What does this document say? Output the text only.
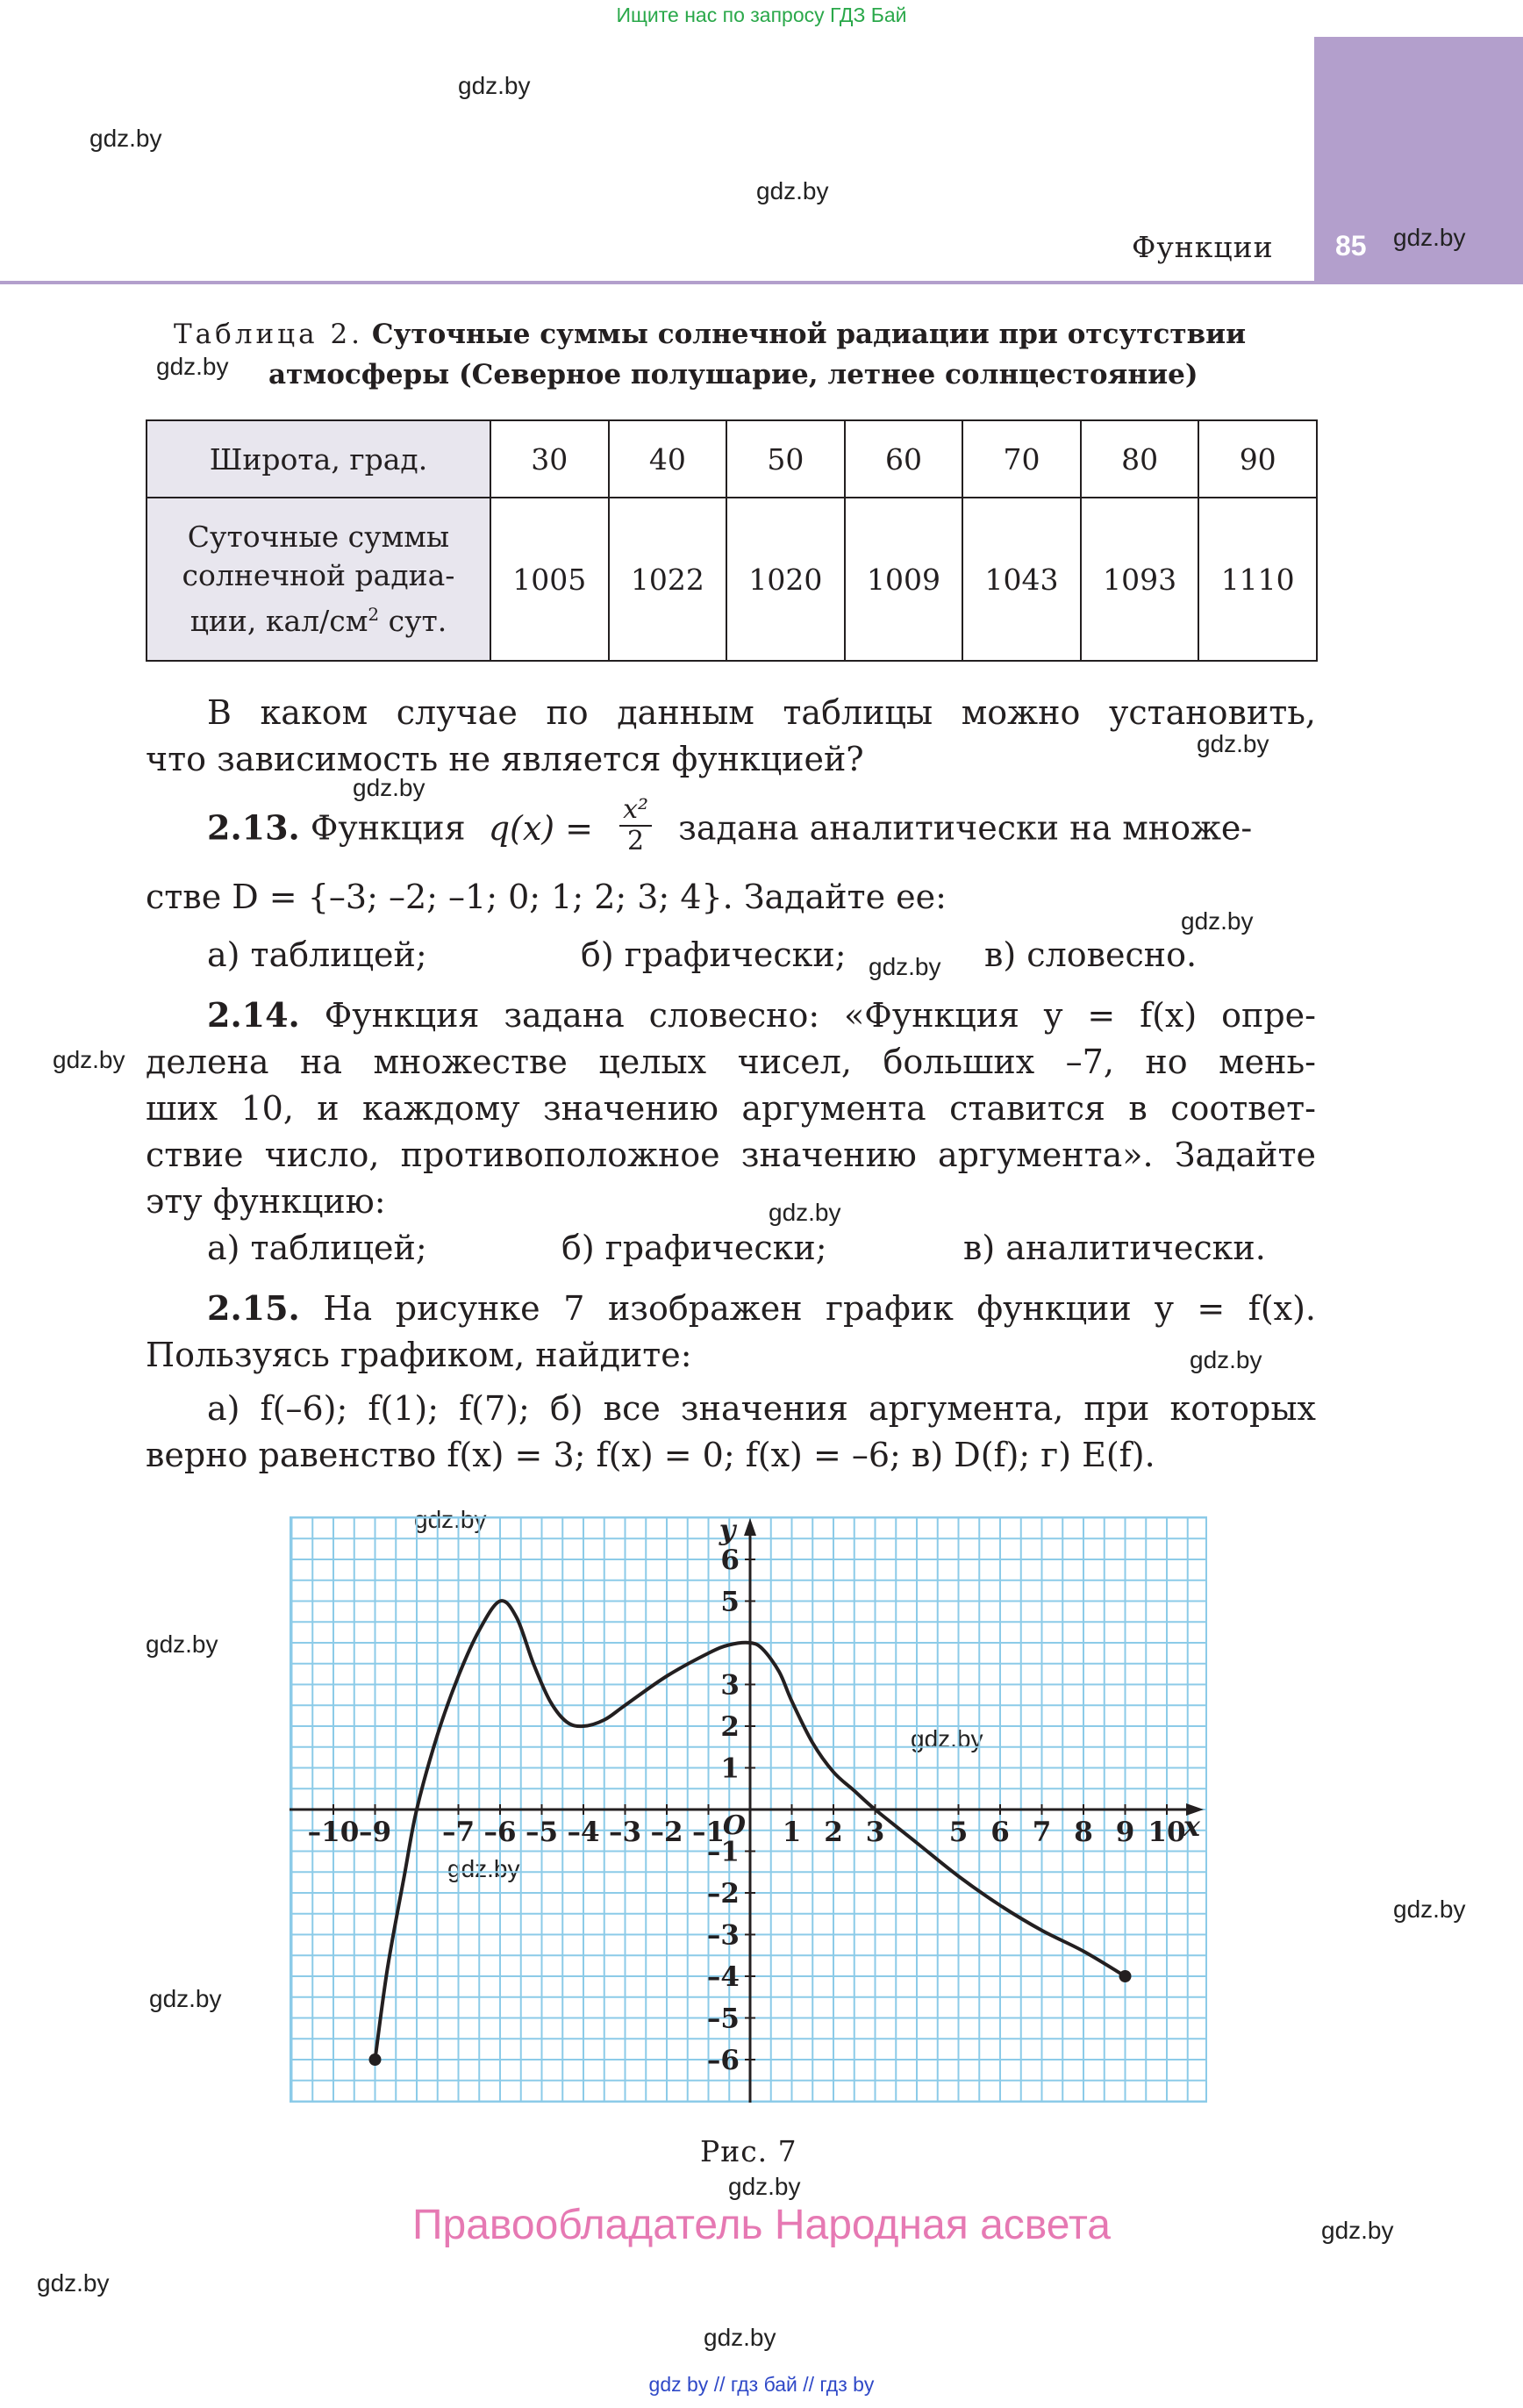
Ищите нас по запросу ГДЗ Бай
85
Функции
gdz.by
gdz.by
gdz.by
gdz.by
gdz.by
gdz.by
gdz.by
gdz.by
gdz.by
gdz.by
gdz.by
gdz.by
gdz.by
gdz.by
gdz.by
gdz.by
gdz.by
gdz.by
gdz.by
gdz.by
gdz.by
gdz.by
Таблица 2. Суточные суммы солнечной радиации при отсутствии
атмосферы (Северное полушарие, летнее солнцестояние)
Широта, град.	30	40	50	60	70	80	90
Суточные суммы
солнечной радиа-
ции, кал/$см^2$ сут.	1005	1022	1020	1009	1043	1093	1110
В каком случае по данным таблицы можно установить,
что зависимость не является функцией?
2.13. Функция $q(x) = \frac{\text{x²}}{2}$ задана аналитически на множе-
стве D = {–3; –2; –1; 0; 1; 2; 3; 4}. Задайте ее:
а) таблицей;	б) графически;	в) словесно.
2.14. Функция задана словесно: «Функция y = f(x) опре-
делена на множестве целых чисел, больших –7, но мень-
ших 10, и каждому значению аргумента ставится в соответ-
ствие число, противоположное значению аргумента». Задайте
эту функцию:
а) таблицей;	б) графически;	в) аналитически.
2.15. На рисунке 7 изображен график функции y = f(x).
Пользуясь графиком, найдите:
а) f(–6); f(1); f(7); б) все значения аргумента, при которых
верно равенство f(x) = 3; f(x) = 0; f(x) = –6; в) D(f); г) E(f).
–10 –9 –7 –6 –5 –4 –3 –2 –1 1 2 3 5 6 7 8 9 10
6
5
3
2
1
–1
–2
–3
–4
–5
–6
x
y
O
Рис. 7
Правообладатель Народная асвета
gdz by // гдз бай // гдз by
